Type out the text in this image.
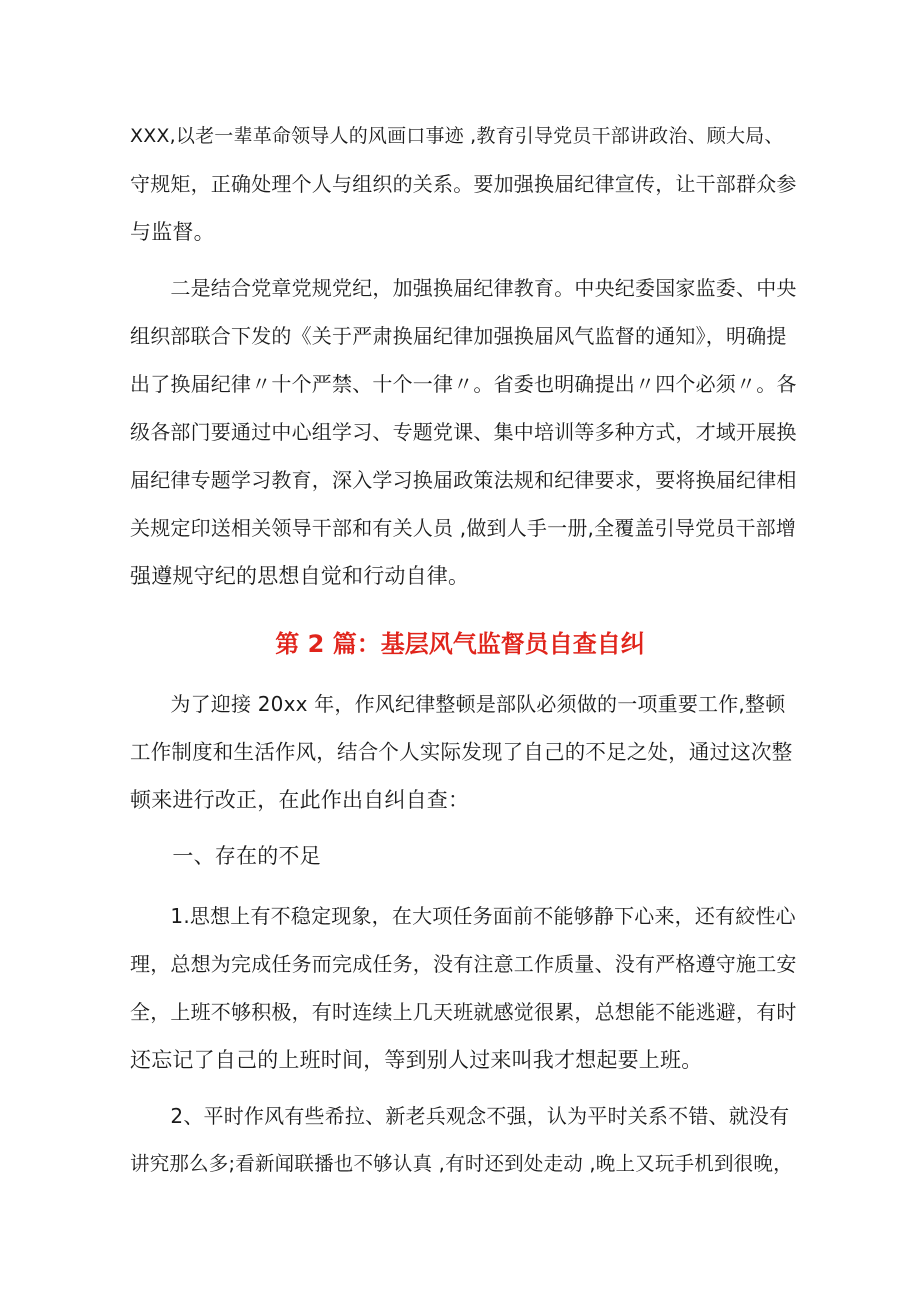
XXX,以老一辈革命领导人的风画口事迹 ,教育引导党员干部讲政治、顾大局、
守规矩，正确处理个人与组织的关系。要加强换届纪律宣传，让干部群众参
与监督。

　　二是结合党章党规党纪，加强换届纪律教育。中央纪委国家监委、中央
组织部联合下发的《关于严肃换届纪律加强换届风气监督的通知》，明确提
出了换届纪律〃十个严禁、十个一律〃。省委也明确提出〃四个必须〃。各
级各部门要通过中心组学习、专题党课、集中培训等多种方式，才域开展换
届纪律专题学习教育，深入学习换届政策法规和纪律要求，要将换届纪律相
关规定印送相关领导干部和有关人员 ,做到人手一册,全覆盖引导党员干部增
强遵规守纪的思想自觉和行动自律。

第 2 篇：基层风气监督员自查自纠

　　为了迎接 20xx 年，作风纪律整顿是部队必须做的一项重要工作,整顿
工作制度和生活作风，结合个人实际发现了自己的不足之处，通过这次整
顿来进行改正，在此作出自纠自查：

　　一、存在的不足

　　1.思想上有不稳定现象，在大项任务面前不能够静下心来，还有絞性心
理，总想为完成任务而完成任务，没有注意工作质量、没有严格遵守施工安
全，上班不够积极，有时连续上几天班就感觉很累，总想能不能逃避，有时
还忘记了自己的上班时间，等到别人过来叫我才想起要上班。

　　2、平时作风有些希拉、新老兵观念不强，认为平时关系不错、就没有
讲究那么多;看新闻联播也不够认真 ,有时还到处走动 ,晚上又玩手机到很晚，
